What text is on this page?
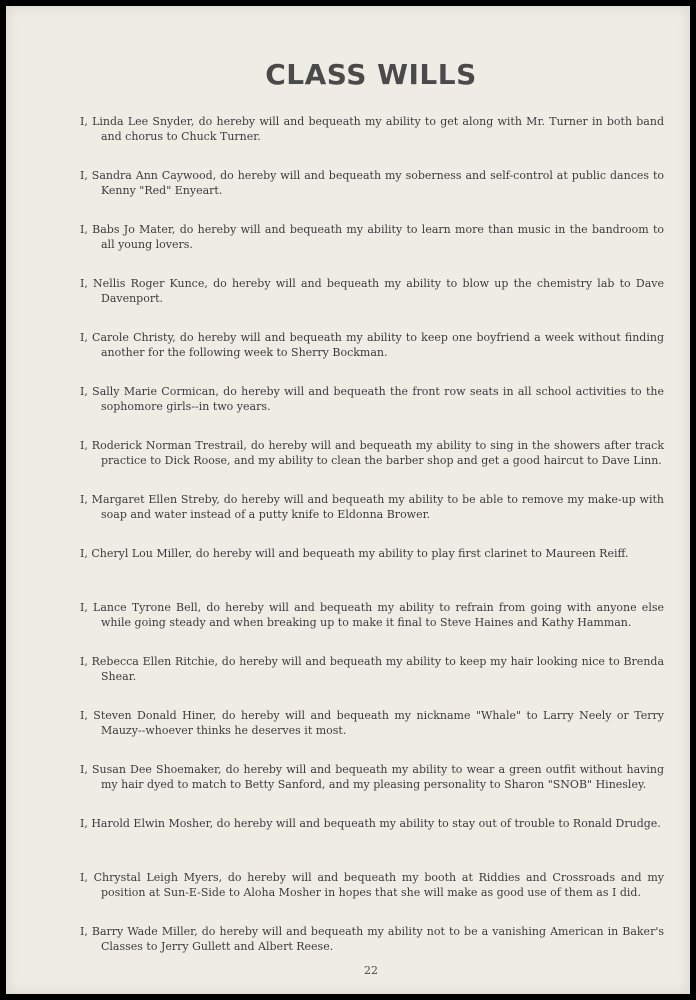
CLASS WILLS
I, Linda Lee Snyder, do hereby will and bequeath my ability to get along with Mr. Turner in both band and chorus to Chuck Turner.
I, Sandra Ann Caywood, do hereby will and bequeath my soberness and self-control at public dances to Kenny "Red" Enyeart.
I, Babs Jo Mater, do hereby will and bequeath my ability to learn more than music in the bandroom to all young lovers.
I, Nellis Roger Kunce, do hereby will and bequeath my ability to blow up the chemistry lab to Dave Davenport.
I, Carole Christy, do hereby will and bequeath my ability to keep one boyfriend a week without finding another for the following week to Sherry Bockman.
I, Sally Marie Cormican, do hereby will and bequeath the front row seats in all school activities to the sophomore girls--in two years.
I, Roderick Norman Trestrail, do hereby will and bequeath my ability to sing in the showers after track practice to Dick Roose, and my ability to clean the barber shop and get a good haircut to Dave Linn.
I, Margaret Ellen Streby, do hereby will and bequeath my ability to be able to remove my make-up with soap and water instead of a putty knife to Eldonna Brower.
I, Cheryl Lou Miller, do hereby will and bequeath my ability to play first clarinet to Maureen Reiff.
I, Lance Tyrone Bell, do hereby will and bequeath my ability to refrain from going with anyone else while going steady and when breaking up to make it final to Steve Haines and Kathy Hamman.
I, Rebecca Ellen Ritchie, do hereby will and bequeath my ability to keep my hair looking nice to Brenda Shear.
I, Steven Donald Hiner, do hereby will and bequeath my nickname "Whale" to Larry Neely or Terry Mauzy--whoever thinks he deserves it most.
I, Susan Dee Shoemaker, do hereby will and bequeath my ability to wear a green outfit without having my hair dyed to match to Betty Sanford, and my pleasing personality to Sharon "SNOB" Hinesley.
I, Harold Elwin Mosher, do hereby will and bequeath my ability to stay out of trouble to Ronald Drudge.
I, Chrystal Leigh Myers, do hereby will and bequeath my booth at Riddies and Crossroads and my position at Sun-E-Side to Aloha Mosher in hopes that she will make as good use of them as I did.
I, Barry Wade Miller, do hereby will and bequeath my ability not to be a vanishing American in Baker's Classes to Jerry Gullett and Albert Reese.

22
